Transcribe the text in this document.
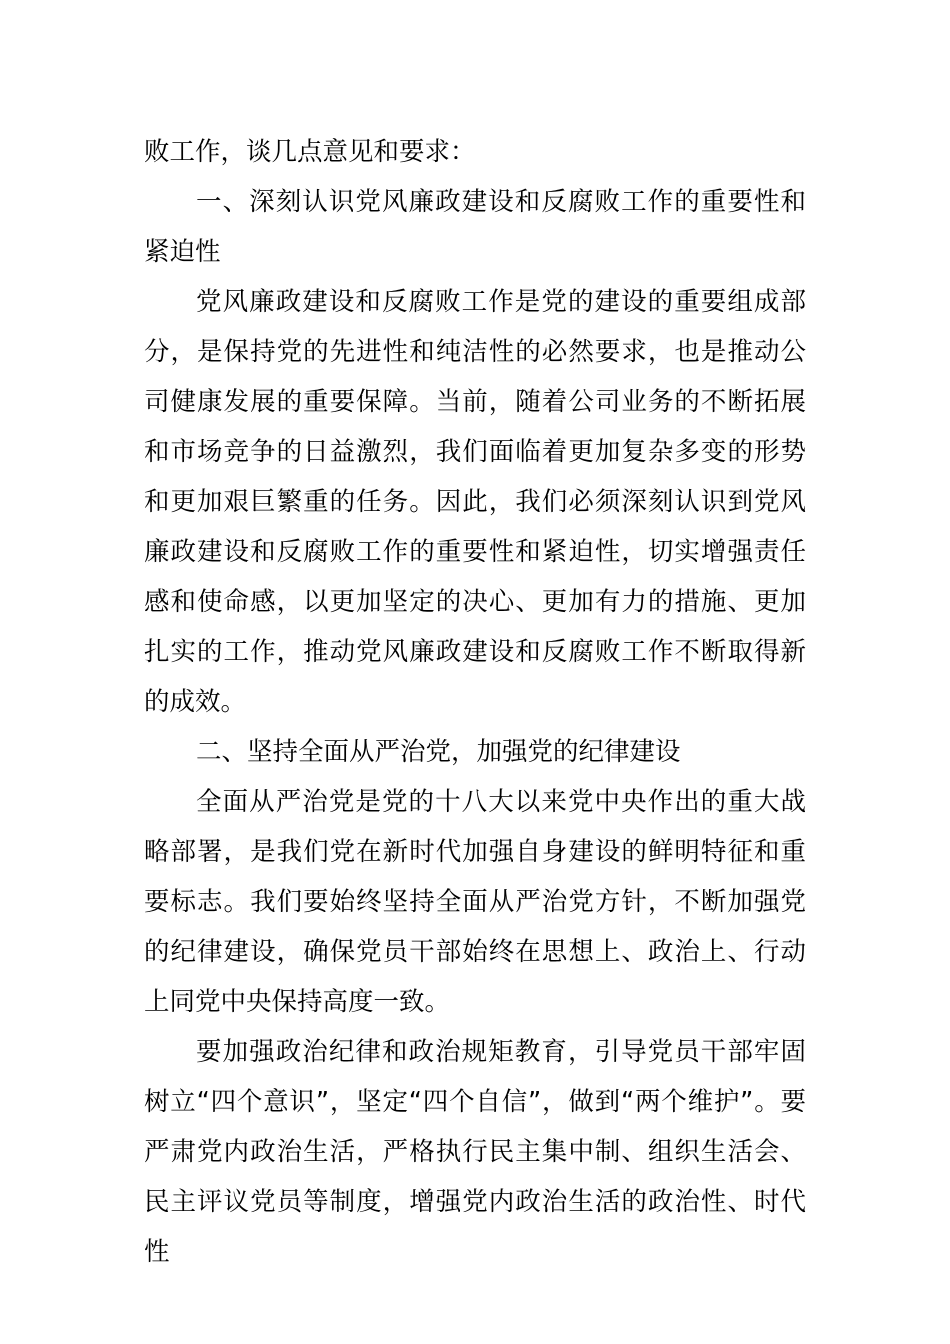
败工作，谈几点意见和要求：

一、深刻认识党风廉政建设和反腐败工作的重要性和紧迫性

党风廉政建设和反腐败工作是党的建设的重要组成部分，是保持党的先进性和纯洁性的必然要求，也是推动公司健康发展的重要保障。当前，随着公司业务的不断拓展和市场竞争的日益激烈，我们面临着更加复杂多变的形势和更加艰巨繁重的任务。因此，我们必须深刻认识到党风廉政建设和反腐败工作的重要性和紧迫性，切实增强责任感和使命感，以更加坚定的决心、更加有力的措施、更加扎实的工作，推动党风廉政建设和反腐败工作不断取得新的成效。

二、坚持全面从严治党，加强党的纪律建设

全面从严治党是党的十八大以来党中央作出的重大战略部署，是我们党在新时代加强自身建设的鲜明特征和重要标志。我们要始终坚持全面从严治党方针，不断加强党的纪律建设，确保党员干部始终在思想上、政治上、行动上同党中央保持高度一致。

要加强政治纪律和政治规矩教育，引导党员干部牢固树立“四个意识”，坚定“四个自信”，做到“两个维护”。要严肃党内政治生活，严格执行民主集中制、组织生活会、民主评议党员等制度，增强党内政治生活的政治性、时代性
